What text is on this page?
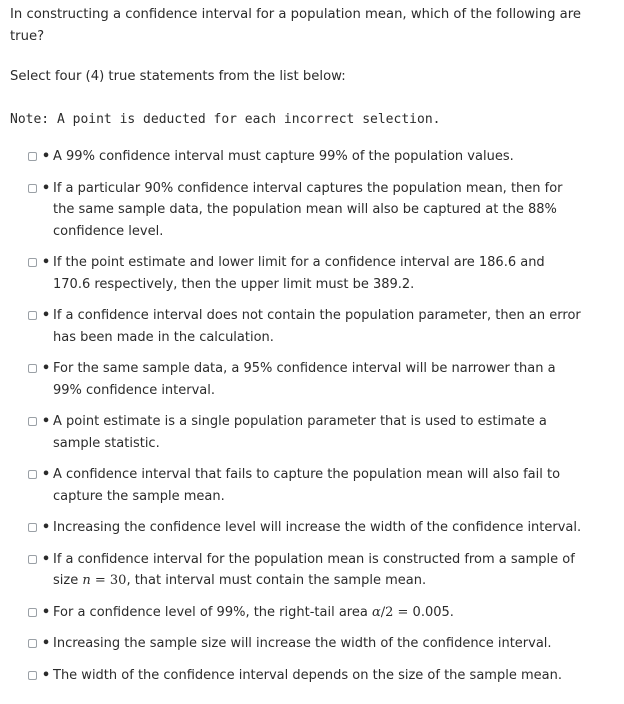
In constructing a confidence interval for a population mean, which of the following are true?
Select four (4) true statements from the list below:
Note: A point is deducted for each incorrect selection.
• A 99% confidence interval must capture 99% of the population values.
• If a particular 90% confidence interval captures the population mean, then for the same sample data, the population mean will also be captured at the 88% confidence level.
• If the point estimate and lower limit for a confidence interval are 186.6 and 170.6 respectively, then the upper limit must be 389.2.
• If a confidence interval does not contain the population parameter, then an error has been made in the calculation.
• For the same sample data, a 95% confidence interval will be narrower than a 99% confidence interval.
• A point estimate is a single population parameter that is used to estimate a sample statistic.
• A confidence interval that fails to capture the population mean will also fail to capture the sample mean.
• Increasing the confidence level will increase the width of the confidence interval.
• If a confidence interval for the population mean is constructed from a sample of size n = 30, that interval must contain the sample mean.
• For a confidence level of 99%, the right-tail area α/2 = 0.005.
• Increasing the sample size will increase the width of the confidence interval.
• The width of the confidence interval depends on the size of the sample mean.
